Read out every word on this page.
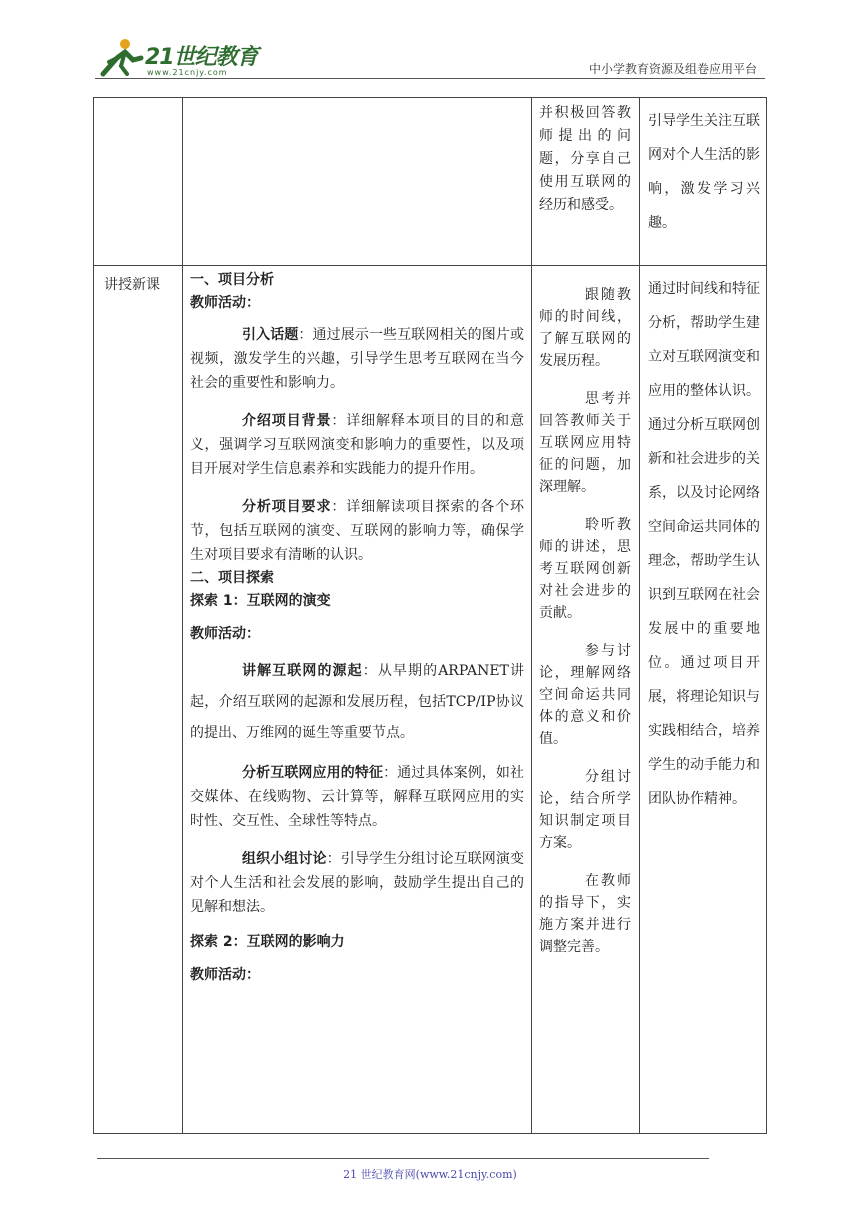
21世纪教育
www.21cnjy.com	中小学教育资源及组卷应用平台

并积极回答教师提出的问题，分享自己使用互联网的经历和感受。

引导学生关注互联网对个人生活的影响，激发学习兴趣。

讲授新课 一、项目分析

教师活动：

引入话题：通过展示一些互联网相关的图片或视频，激发学生的兴趣，引导学生思考互联网在当今社会的重要性和影响力。

介绍项目背景：详细解释本项目的目的和意义，强调学习互联网演变和影响力的重要性，以及项目开展对学生信息素养和实践能力的提升作用。

分析项目要求：详细解读项目探索的各个环节，包括互联网的演变、互联网的影响力等，确保学生对项目要求有清晰的认识。

二、项目探索

探索 1：互联网的演变

教师活动：

讲解互联网的源起：从早期的ARPANET讲起，介绍互联网的起源和发展历程，包括TCP/IP协议的提出、万维网的诞生等重要节点。

分析互联网应用的特征：通过具体案例，如社交媒体、在线购物、云计算等，解释互联网应用的实时性、交互性、全球性等特点。

组织小组讨论：引导学生分组讨论互联网演变对个人生活和社会发展的影响，鼓励学生提出自己的见解和想法。

探索 2：互联网的影响力

教师活动：

跟随教师的时间线，了解互联网的发展历程。

思考并回答教师关于互联网应用特征的问题，加深理解。

聆听教师的讲述，思考互联网创新对社会进步的贡献。

参与讨论，理解网络空间命运共同体的意义和价值。

分组讨论，结合所学知识制定项目方案。

在教师的指导下，实施方案并进行调整完善。

通过时间线和特征分析，帮助学生建立对互联网演变和应用的整体认识。通过分析互联网创新和社会进步的关系，以及讨论网络空间命运共同体的理念，帮助学生认识到互联网在社会发展中的重要地位。通过项目开展，将理论知识与实践相结合，培养学生的动手能力和团队协作精神。

21 世纪教育网(www.21cnjy.com)
